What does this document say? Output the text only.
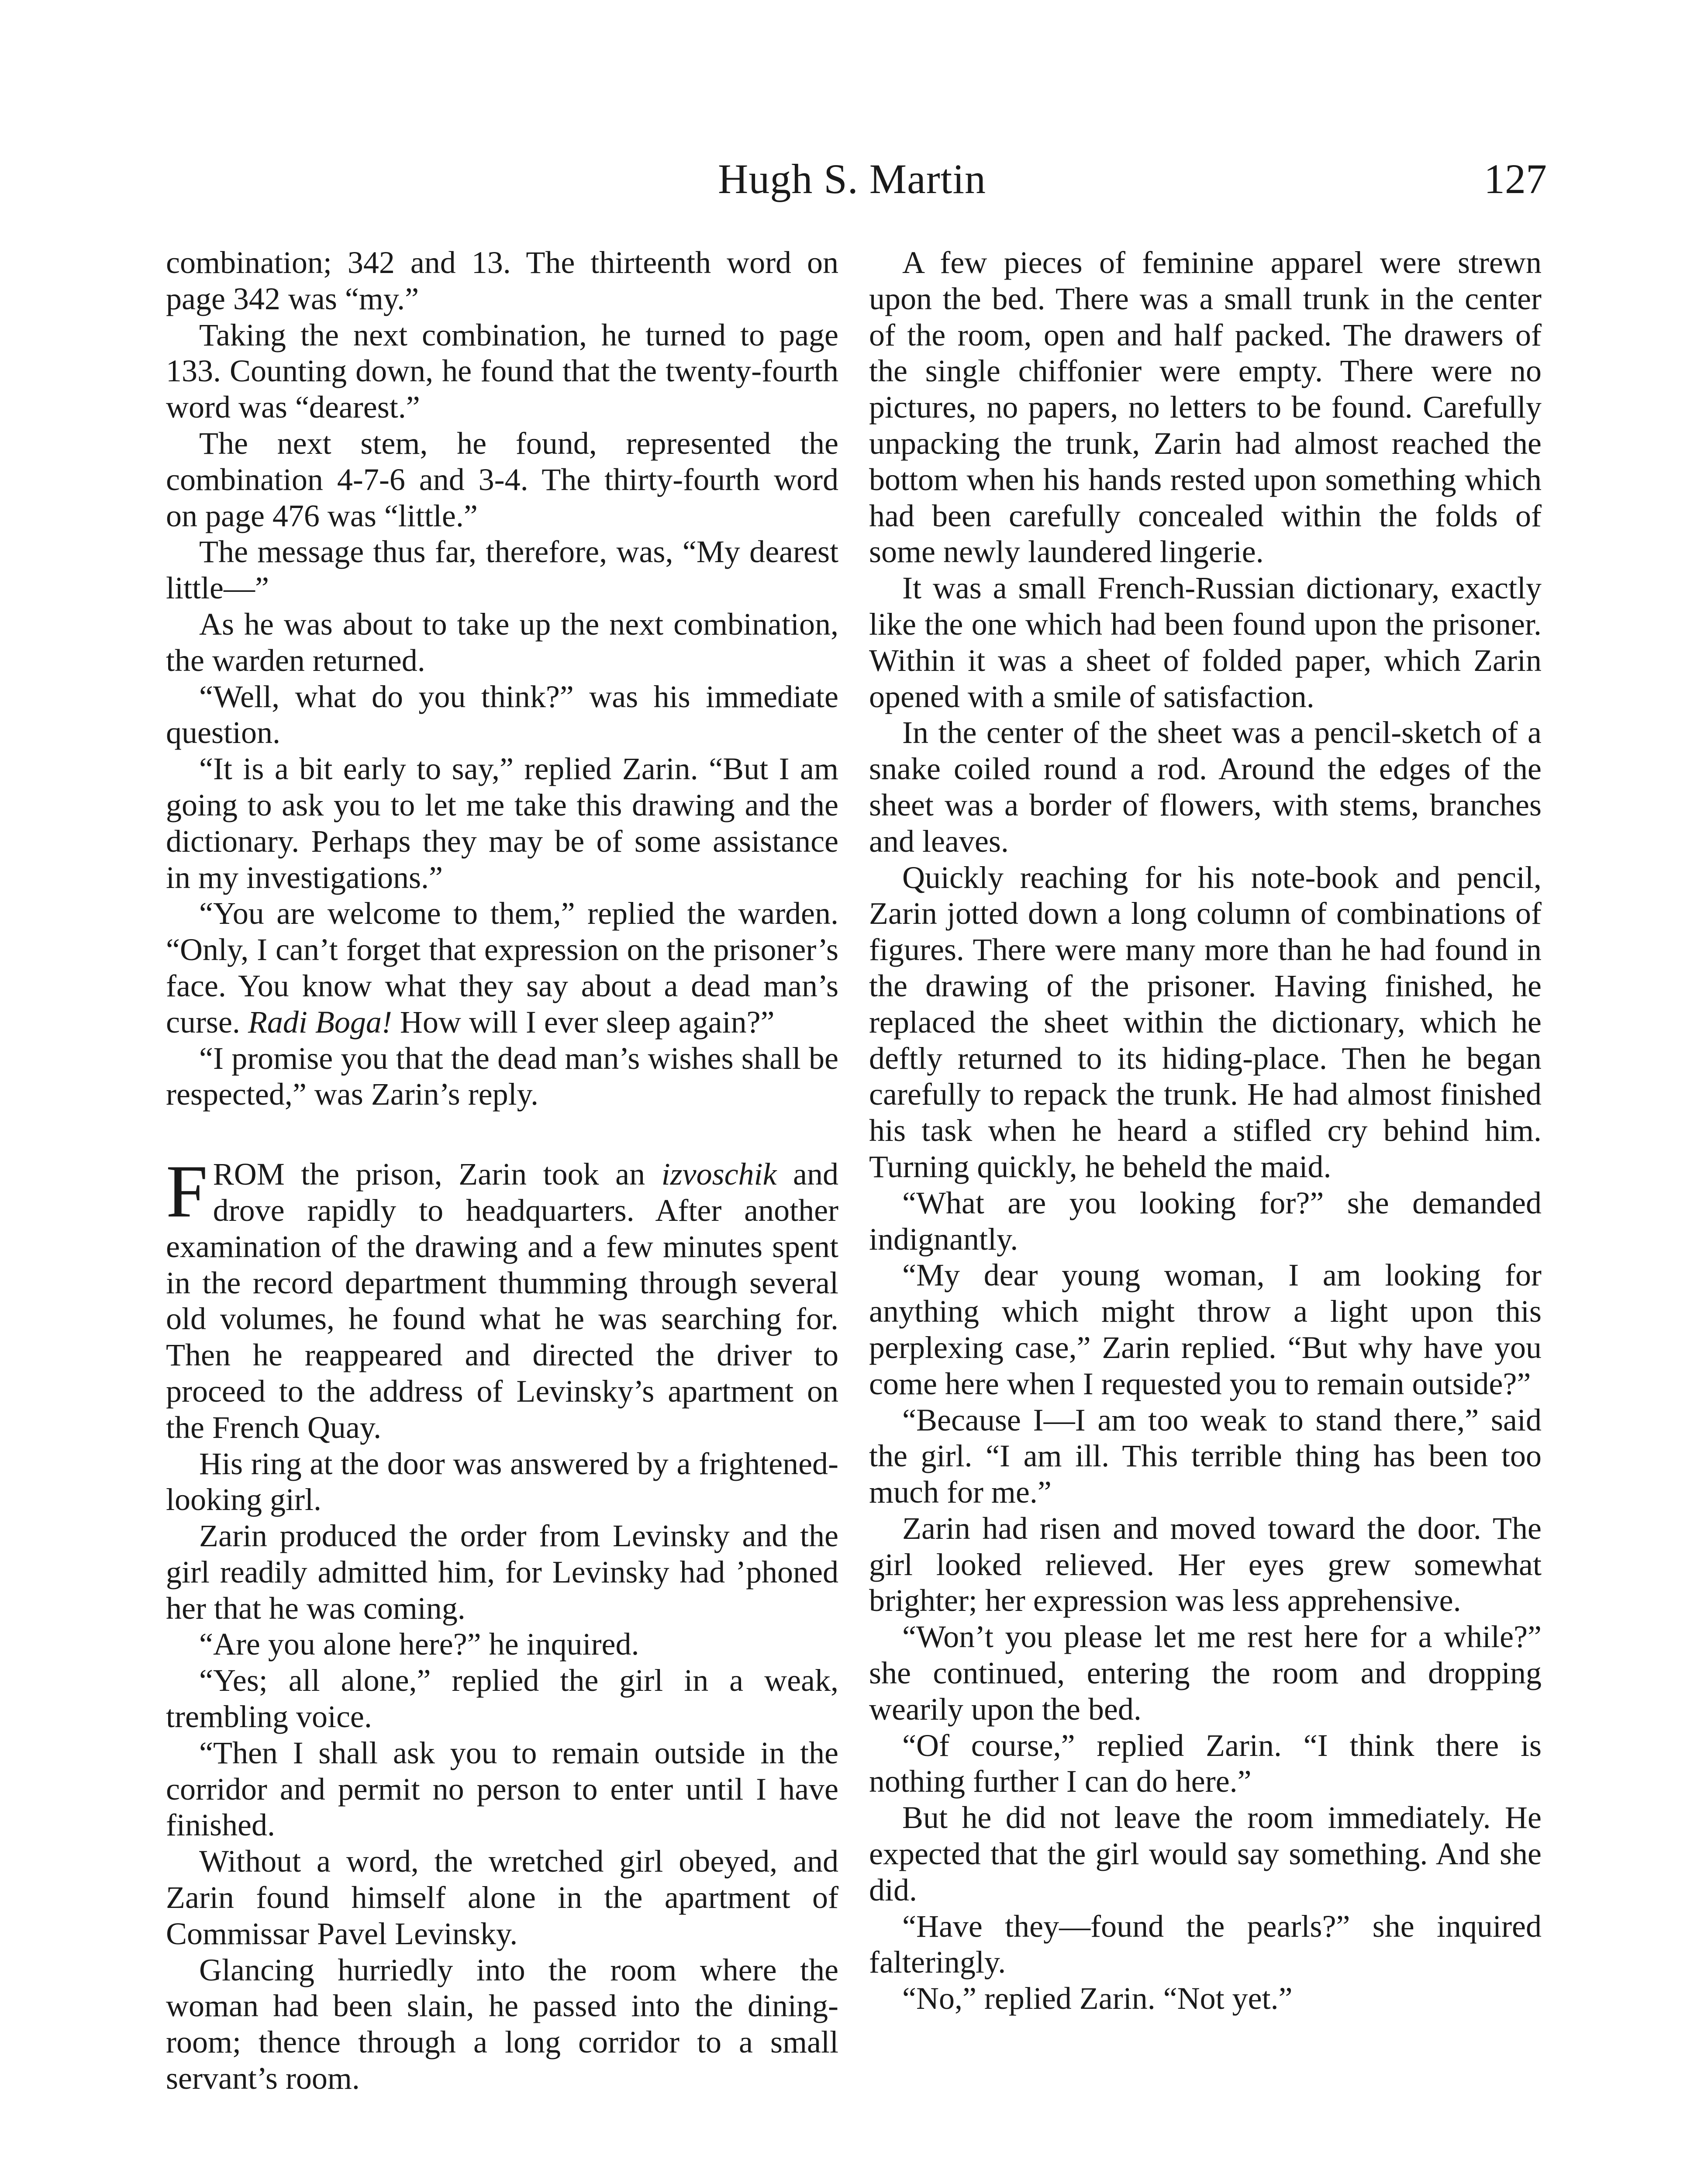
Hugh S. Martin	127

combination; 342 and 13. The thirteenth word on page 342 was “my.”

Taking the next combination, he turned to page 133. Counting down, he found that the twenty-fourth word was “dearest.”

The next stem, he found, represented the combination 4-7-6 and 3-4. The thirty-fourth word on page 476 was “little.”

The message thus far, therefore, was, “My dearest little—”

As he was about to take up the next combination, the warden returned.

“Well, what do you think?” was his immediate question.

“It is a bit early to say,” replied Zarin. “But I am going to ask you to let me take this drawing and the dictionary. Perhaps they may be of some assistance in my investigations.”

“You are welcome to them,” replied the warden. “Only, I can’t forget that expression on the prisoner’s face. You know what they say about a dead man’s curse. Radi Boga! How will I ever sleep again?”

“I promise you that the dead man’s wishes shall be respected,” was Zarin’s reply.

FROM the prison, Zarin took an izvoschik and drove rapidly to headquarters. After another examination of the drawing and a few minutes spent in the record department thumming through several old volumes, he found what he was searching for. Then he reappeared and directed the driver to proceed to the address of Levinsky’s apartment on the French Quay.

His ring at the door was answered by a frightened-looking girl.

Zarin produced the order from Levinsky and the girl readily admitted him, for Levinsky had ’phoned her that he was coming.

“Are you alone here?” he inquired.

“Yes; all alone,” replied the girl in a weak, trembling voice.

“Then I shall ask you to remain outside in the corridor and permit no person to enter until I have finished.

Without a word, the wretched girl obeyed, and Zarin found himself alone in the apartment of Commissar Pavel Levinsky.

Glancing hurriedly into the room where the woman had been slain, he passed into the dining-room; thence through a long corridor to a small servant’s room.

A few pieces of feminine apparel were strewn upon the bed. There was a small trunk in the center of the room, open and half packed. The drawers of the single chiffonier were empty. There were no pictures, no papers, no letters to be found. Carefully unpacking the trunk, Zarin had almost reached the bottom when his hands rested upon something which had been carefully concealed within the folds of some newly laundered lingerie.

It was a small French-Russian dictionary, exactly like the one which had been found upon the prisoner. Within it was a sheet of folded paper, which Zarin opened with a smile of satisfaction.

In the center of the sheet was a pencil-sketch of a snake coiled round a rod. Around the edges of the sheet was a border of flowers, with stems, branches and leaves.

Quickly reaching for his note-book and pencil, Zarin jotted down a long column of combinations of figures. There were many more than he had found in the drawing of the prisoner. Having finished, he replaced the sheet within the dictionary, which he deftly returned to its hiding-place. Then he began carefully to repack the trunk. He had almost finished his task when he heard a stifled cry behind him. Turning quickly, he beheld the maid.

“What are you looking for?” she demanded indignantly.

“My dear young woman, I am looking for anything which might throw a light upon this perplexing case,” Zarin replied. “But why have you come here when I requested you to remain outside?”

“Because I—I am too weak to stand there,” said the girl. “I am ill. This terrible thing has been too much for me.”

Zarin had risen and moved toward the door. The girl looked relieved. Her eyes grew somewhat brighter; her expression was less apprehensive.

“Won’t you please let me rest here for a while?” she continued, entering the room and dropping wearily upon the bed.

“Of course,” replied Zarin. “I think there is nothing further I can do here.”

But he did not leave the room immediately. He expected that the girl would say something. And she did.

“Have they—found the pearls?” she inquired falteringly.

“No,” replied Zarin. “Not yet.”
